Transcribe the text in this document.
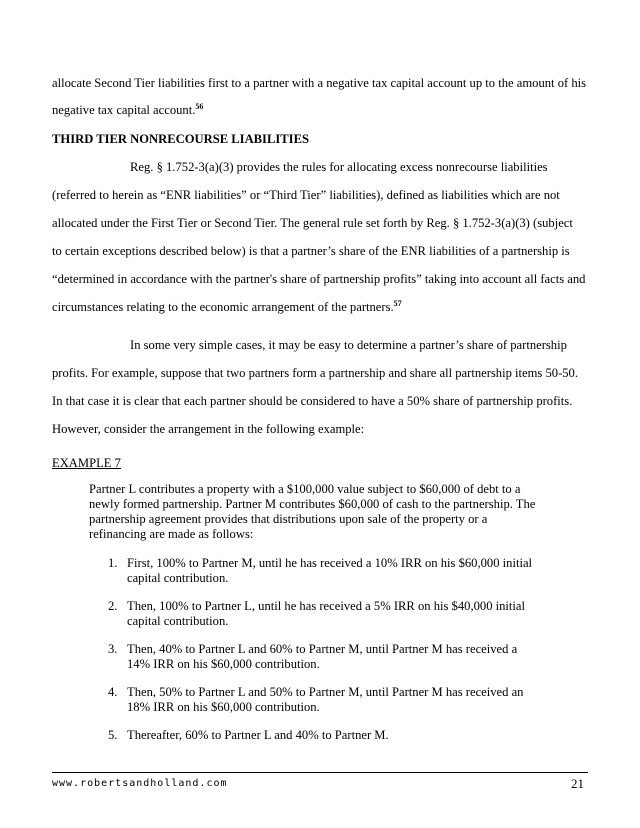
allocate Second Tier liabilities first to a partner with a negative tax capital account up to the amount of his
negative tax capital account.$^{56}$
THIRD TIER NONRECOURSE LIABILITIES
Reg. § 1.752-3(a)(3) provides the rules for allocating excess nonrecourse liabilities
(referred to herein as “ENR liabilities” or “Third Tier” liabilities), defined as liabilities which are not
allocated under the First Tier or Second Tier. The general rule set forth by Reg. § 1.752-3(a)(3) (subject
to certain exceptions described below) is that a partner’s share of the ENR liabilities of a partnership is
“determined in accordance with the partner's share of partnership profits” taking into account all facts and
circumstances relating to the economic arrangement of the partners.$^{57}$
In some very simple cases, it may be easy to determine a partner’s share of partnership
profits. For example, suppose that two partners form a partnership and share all partnership items 50-50.
In that case it is clear that each partner should be considered to have a 50% share of partnership profits.
However, consider the arrangement in the following example:
EXAMPLE 7
Partner L contributes a property with a $100,000 value subject to $60,000 of debt to a
newly formed partnership. Partner M contributes $60,000 of cash to the partnership. The
partnership agreement provides that distributions upon sale of the property or a
refinancing are made as follows:
1. First, 100% to Partner M, until he has received a 10% IRR on his $60,000 initial
capital contribution.
2. Then, 100% to Partner L, until he has received a 5% IRR on his $40,000 initial
capital contribution.
3. Then, 40% to Partner L and 60% to Partner M, until Partner M has received a
14% IRR on his $60,000 contribution.
4. Then, 50% to Partner L and 50% to Partner M, until Partner M has received an
18% IRR on his $60,000 contribution.
5. Thereafter, 60% to Partner L and 40% to Partner M.
www.robertsandholland.com	21
